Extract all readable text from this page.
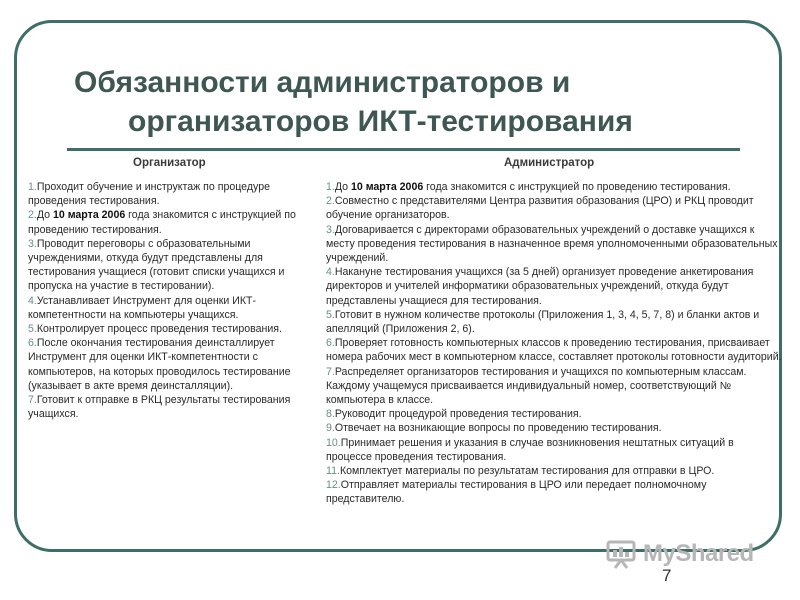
Обязанности администраторов и
организаторов ИКТ-тестирования
Организатор	Администратор

1.Проходит обучение и инструктаж по процедуре проведения тестирования.

2.До 10 марта 2006 года знакомится с инструкцией по проведению тестирования.

3.Проводит переговоры с образовательными учреждениями, откуда будут представлены для тестирования учащиеся (готовит списки учащихся и пропуска на участие в тестировании).

4.Устанавливает Инструмент для оценки ИКТ-компетентности на компьютеры учащихся.

5.Контролирует процесс проведения тестирования.

6.После окончания тестирования деинсталлирует Инструмент для оценки ИКТ-компетентности с компьютеров, на которых проводилось тестирование (указывает в акте время деинсталляции).

7.Готовит к отправке в РКЦ результаты тестирования учащихся.

1.До 10 марта 2006 года знакомится с инструкцией по проведению тестирования.

2.Совместно с представителями Центра развития образования (ЦРО) и РКЦ проводит обучение организаторов.

3.Договаривается с директорами образовательных учреждений о доставке учащихся к месту проведения тестирования в назначенное время уполномоченными образовательных учреждений.

4.Накануне тестирования учащихся (за 5 дней) организует проведение анкетирования директоров и учителей информатики образовательных учреждений, откуда будут представлены учащиеся для тестирования.

5.Готовит в нужном количестве протоколы (Приложения 1, 3, 4, 5, 7, 8) и бланки актов и апелляций (Приложения 2, 6).

6.Проверяет готовность компьютерных классов к проведению тестирования, присваивает номера рабочих мест в компьютерном классе, составляет протоколы готовности аудиторий.

7.Распределяет организаторов тестирования и учащихся по компьютерным классам. Каждому учащемуся присваивается индивидуальный номер, соответствующий № компьютера в классе.

8.Руководит процедурой проведения тестирования.

9.Отвечает на возникающие вопросы по проведению тестирования.

10.Принимает решения и указания в случае возникновения нештатных ситуаций в процессе проведения тестирования.

11.Комплектует материалы по результатам тестирования для отправки в ЦРО.

12.Отправляет материалы тестирования в ЦРО или передает полномочному представителю.

MyShared
7
